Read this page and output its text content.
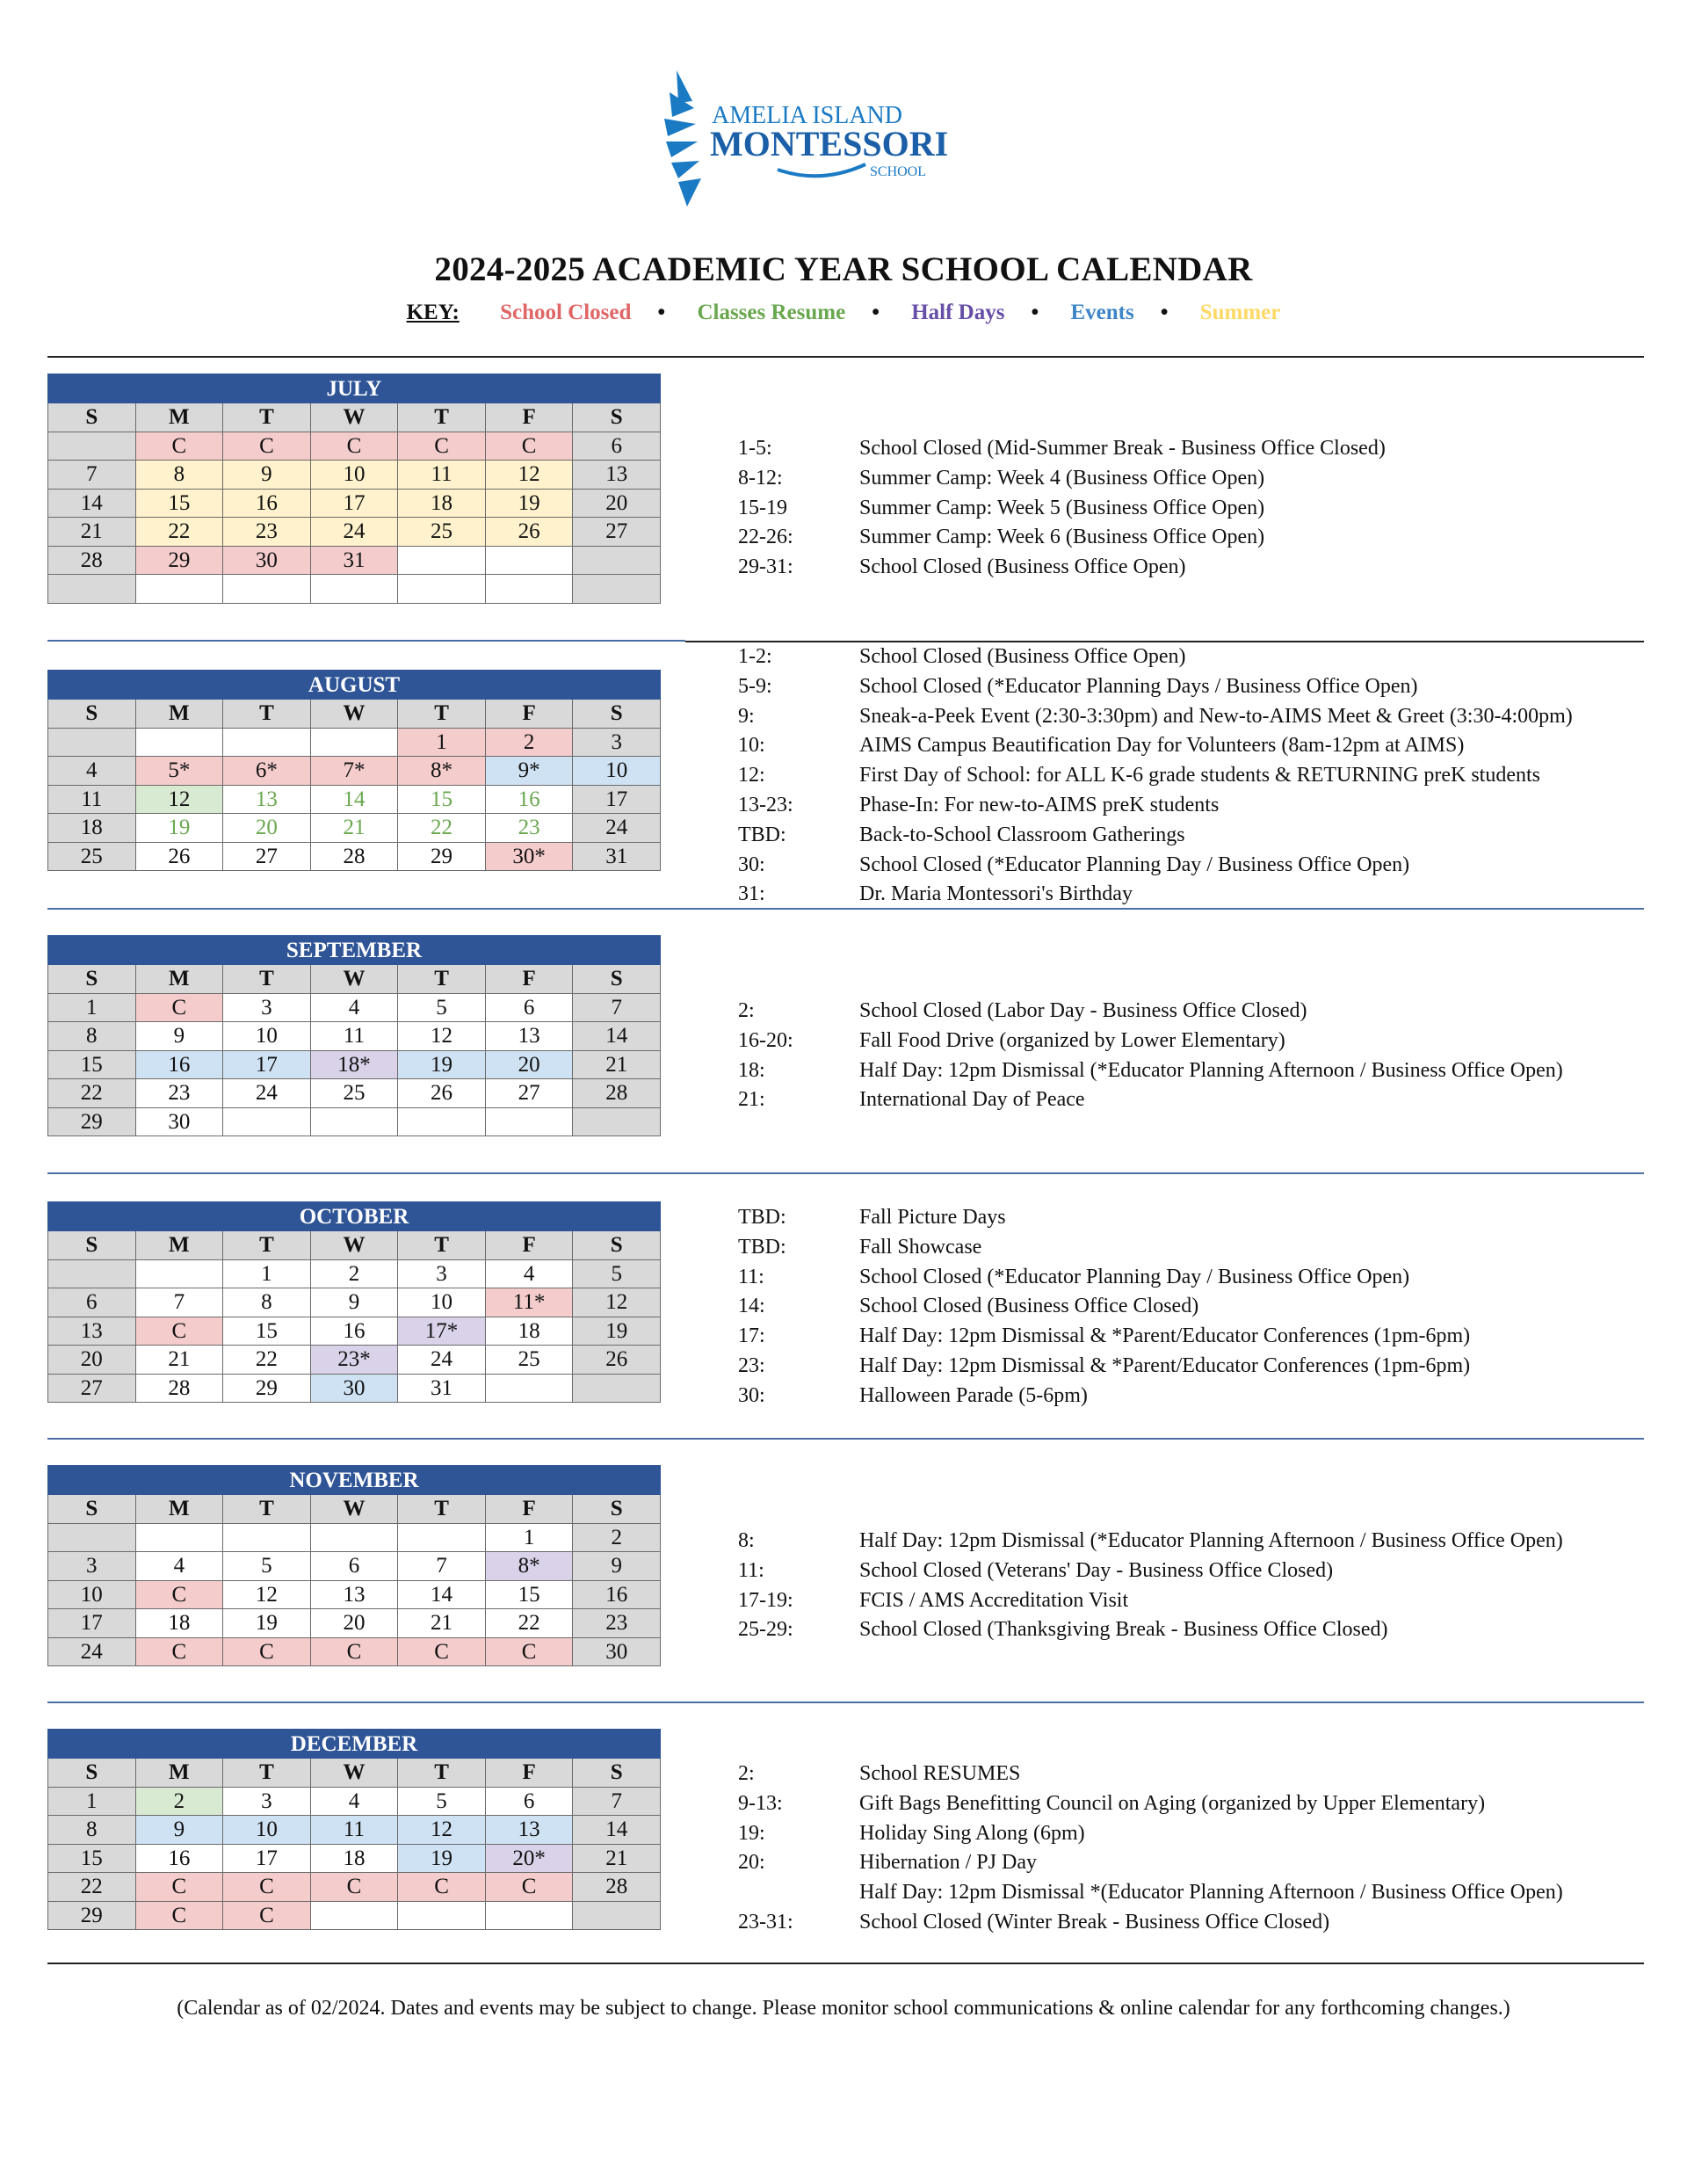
AMELIA ISLAND
MONTESSORI
SCHOOL
2024-2025 ACADEMIC YEAR SCHOOL CALENDAR
KEY: School Closed • Classes Resume • Half Days • Events • Summer
JULY						
S	M	T	W	T	F	S
	C	C	C	C	C	6
7	8	9	10	11	12	13
14	15	16	17	18	19	20
21	22	23	24	25	26	27
28	29	30	31			

AUGUST						
S	M	T	W	T	F	S
				1	2	3
4	5*	6*	7*	8*	9*	10
11	12	13	14	15	16	17
18	19	20	21	22	23	24
25	26	27	28	29	30*	31
SEPTEMBER						
S	M	T	W	T	F	S
1	C	3	4	5	6	7
8	9	10	11	12	13	14
15	16	17	18*	19	20	21
22	23	24	25	26	27	28
29	30					
OCTOBER						
S	M	T	W	T	F	S
		1	2	3	4	5
6	7	8	9	10	11*	12
13	C	15	16	17*	18	19
20	21	22	23*	24	25	26
27	28	29	30	31		
NOVEMBER						
S	M	T	W	T	F	S
					1	2
3	4	5	6	7	8*	9
10	C	12	13	14	15	16
17	18	19	20	21	22	23
24	C	C	C	C	C	30
DECEMBER						
S	M	T	W	T	F	S
1	2	3	4	5	6	7
8	9	10	11	12	13	14
15	16	17	18	19	20*	21
22	C	C	C	C	C	28
29	C	C				
1-5:	School Closed (Mid-Summer Break - Business Office Closed)
8-12:	Summer Camp: Week 4 (Business Office Open)
15-19	Summer Camp: Week 5 (Business Office Open)
22-26:	Summer Camp: Week 6 (Business Office Open)
29-31:	School Closed (Business Office Open)
1-2:	School Closed (Business Office Open)
5-9:	School Closed (*Educator Planning Days / Business Office Open)
9:	Sneak-a-Peek Event (2:30-3:30pm) and New-to-AIMS Meet & Greet (3:30-4:00pm)
10:	AIMS Campus Beautification Day for Volunteers (8am-12pm at AIMS)
12:	First Day of School: for ALL K-6 grade students & RETURNING preK students
13-23:	Phase-In: For new-to-AIMS preK students
TBD:	Back-to-School Classroom Gatherings
30:	School Closed (*Educator Planning Day / Business Office Open)
31:	Dr. Maria Montessori's Birthday
2:	School Closed (Labor Day - Business Office Closed)
16-20:	Fall Food Drive (organized by Lower Elementary)
18:	Half Day: 12pm Dismissal (*Educator Planning Afternoon / Business Office Open)
21:	International Day of Peace
TBD:	Fall Picture Days
TBD:	Fall Showcase
11:	School Closed (*Educator Planning Day / Business Office Open)
14:	School Closed (Business Office Closed)
17:	Half Day: 12pm Dismissal & *Parent/Educator Conferences (1pm-6pm)
23:	Half Day: 12pm Dismissal & *Parent/Educator Conferences (1pm-6pm)
30:	Halloween Parade (5-6pm)
8:	Half Day: 12pm Dismissal (*Educator Planning Afternoon / Business Office Open)
11:	School Closed (Veterans' Day - Business Office Closed)
17-19:	FCIS / AMS Accreditation Visit
25-29:	School Closed (Thanksgiving Break - Business Office Closed)
2:	School RESUMES
9-13:	Gift Bags Benefitting Council on Aging (organized by Upper Elementary)
19:	Holiday Sing Along (6pm)
20:	Hibernation / PJ Day
Half Day: 12pm Dismissal *(Educator Planning Afternoon / Business Office Open)
23-31:	School Closed (Winter Break - Business Office Closed)
(Calendar as of 02/2024. Dates and events may be subject to change. Please monitor school communications & online calendar for any forthcoming changes.)
